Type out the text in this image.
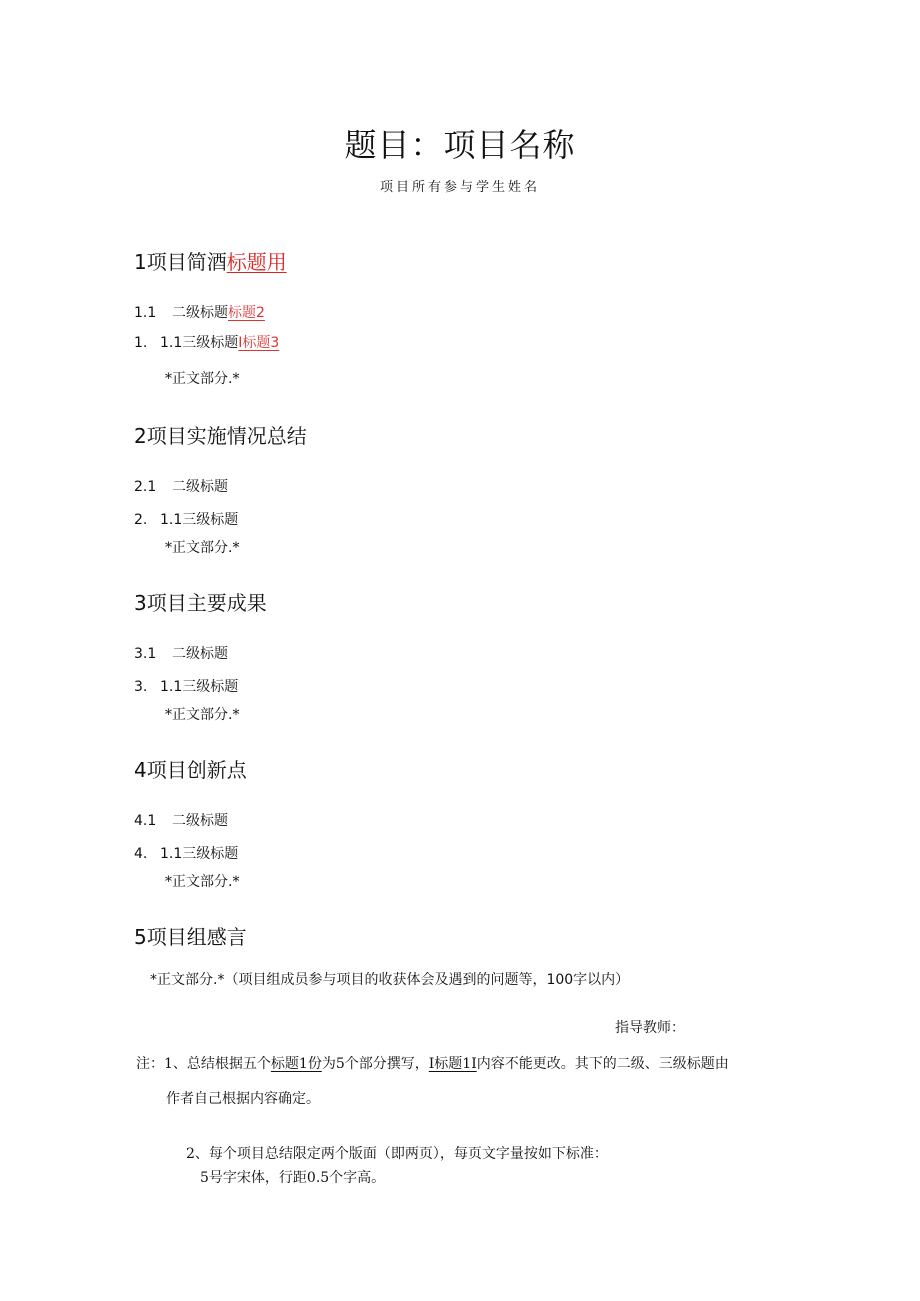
题目：项目名称
项目所有参与学生姓名
1项目简酒标题用
1.1 二级标题标题2
1. 1.1三级标题I标题3
*正文部分.*
2项目实施情况总结
2.1 二级标题
2. 1.1三级标题
*正文部分.*
3项目主要成果
3.1 二级标题
3. 1.1三级标题
*正文部分.*
4项目创新点
4.1 二级标题
4. 1.1三级标题
*正文部分.*
5项目组感言
*正文部分.*（项目组成员参与项目的收获体会及遇到的问题等，100字以内）
指导教师：
注：1、总结根据五个标题1份为5个部分撰写，I标题1I内容不能更改。其下的二级、三级标题由
作者自己根据内容确定。
2、每个项目总结限定两个版面（即两页），每页文字量按如下标准：
5号字宋体，行距0.5个字高。
